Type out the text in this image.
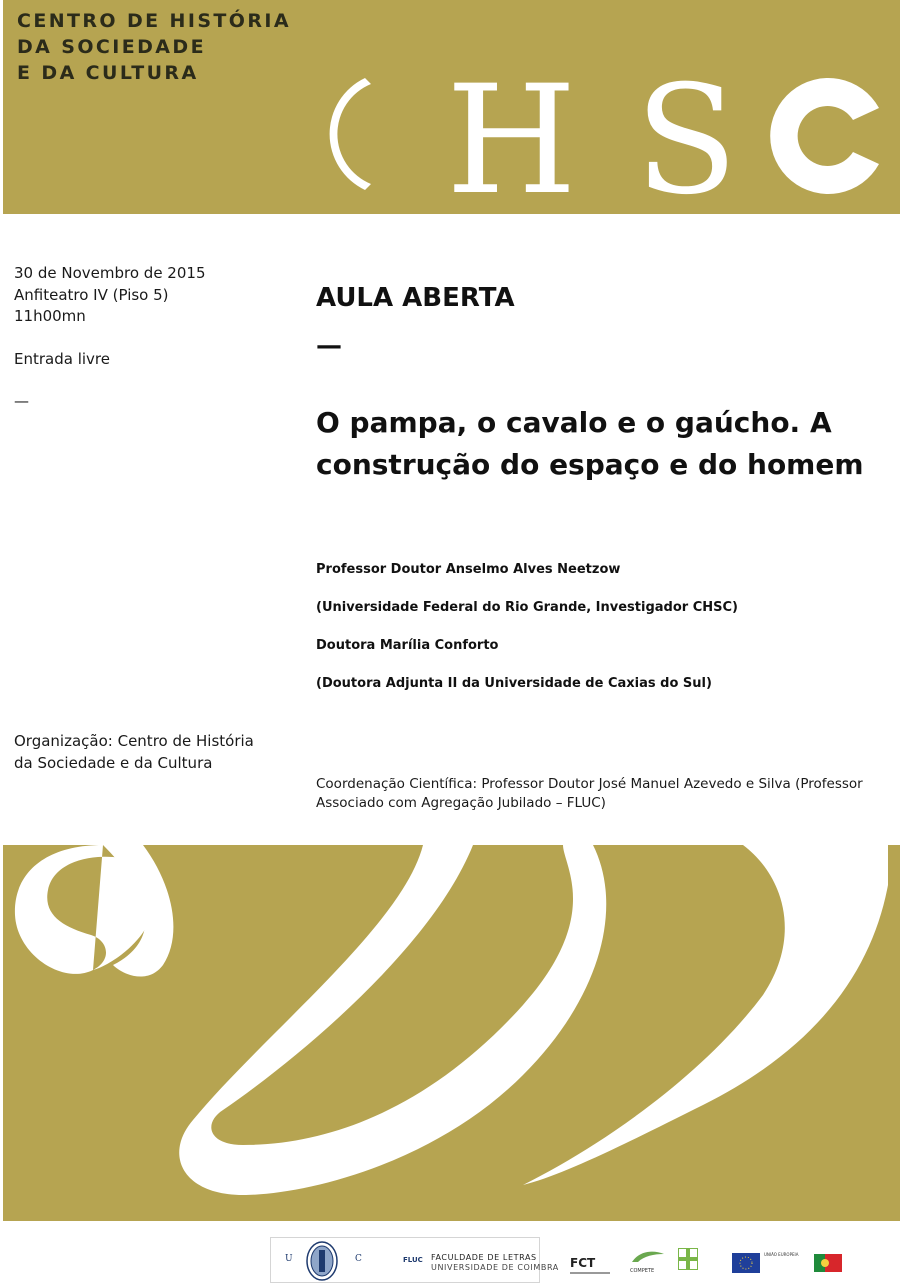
CENTRO DE HISTÓRIA
DA SOCIEDADE
E DA CULTURA	H S
30 de Novembro de 2015
Anfiteatro IV (Piso 5)
11h00mn
Entrada livre
—
Organização: Centro de História
da Sociedade e da Cultura
AULA ABERTA
—
O pampa, o cavalo e o gaúcho. A construção do espaço e do homem
Professor Doutor Anselmo Alves Neetzow
(Universidade Federal do Rio Grande, Investigador CHSC)
Doutora Marília Conforto
(Doutora Adjunta II da Universidade de Caxias do Sul)
Coordenação Científica: Professor Doutor José Manuel Azevedo e Silva (Professor Associado com Agregação Jubilado – FLUC)
U	C	FLUC FACULDADE DE LETRAS
UNIVERSIDADE DE COIMBRA FCT
COMPETE
UNIÃO EUROPEIA
